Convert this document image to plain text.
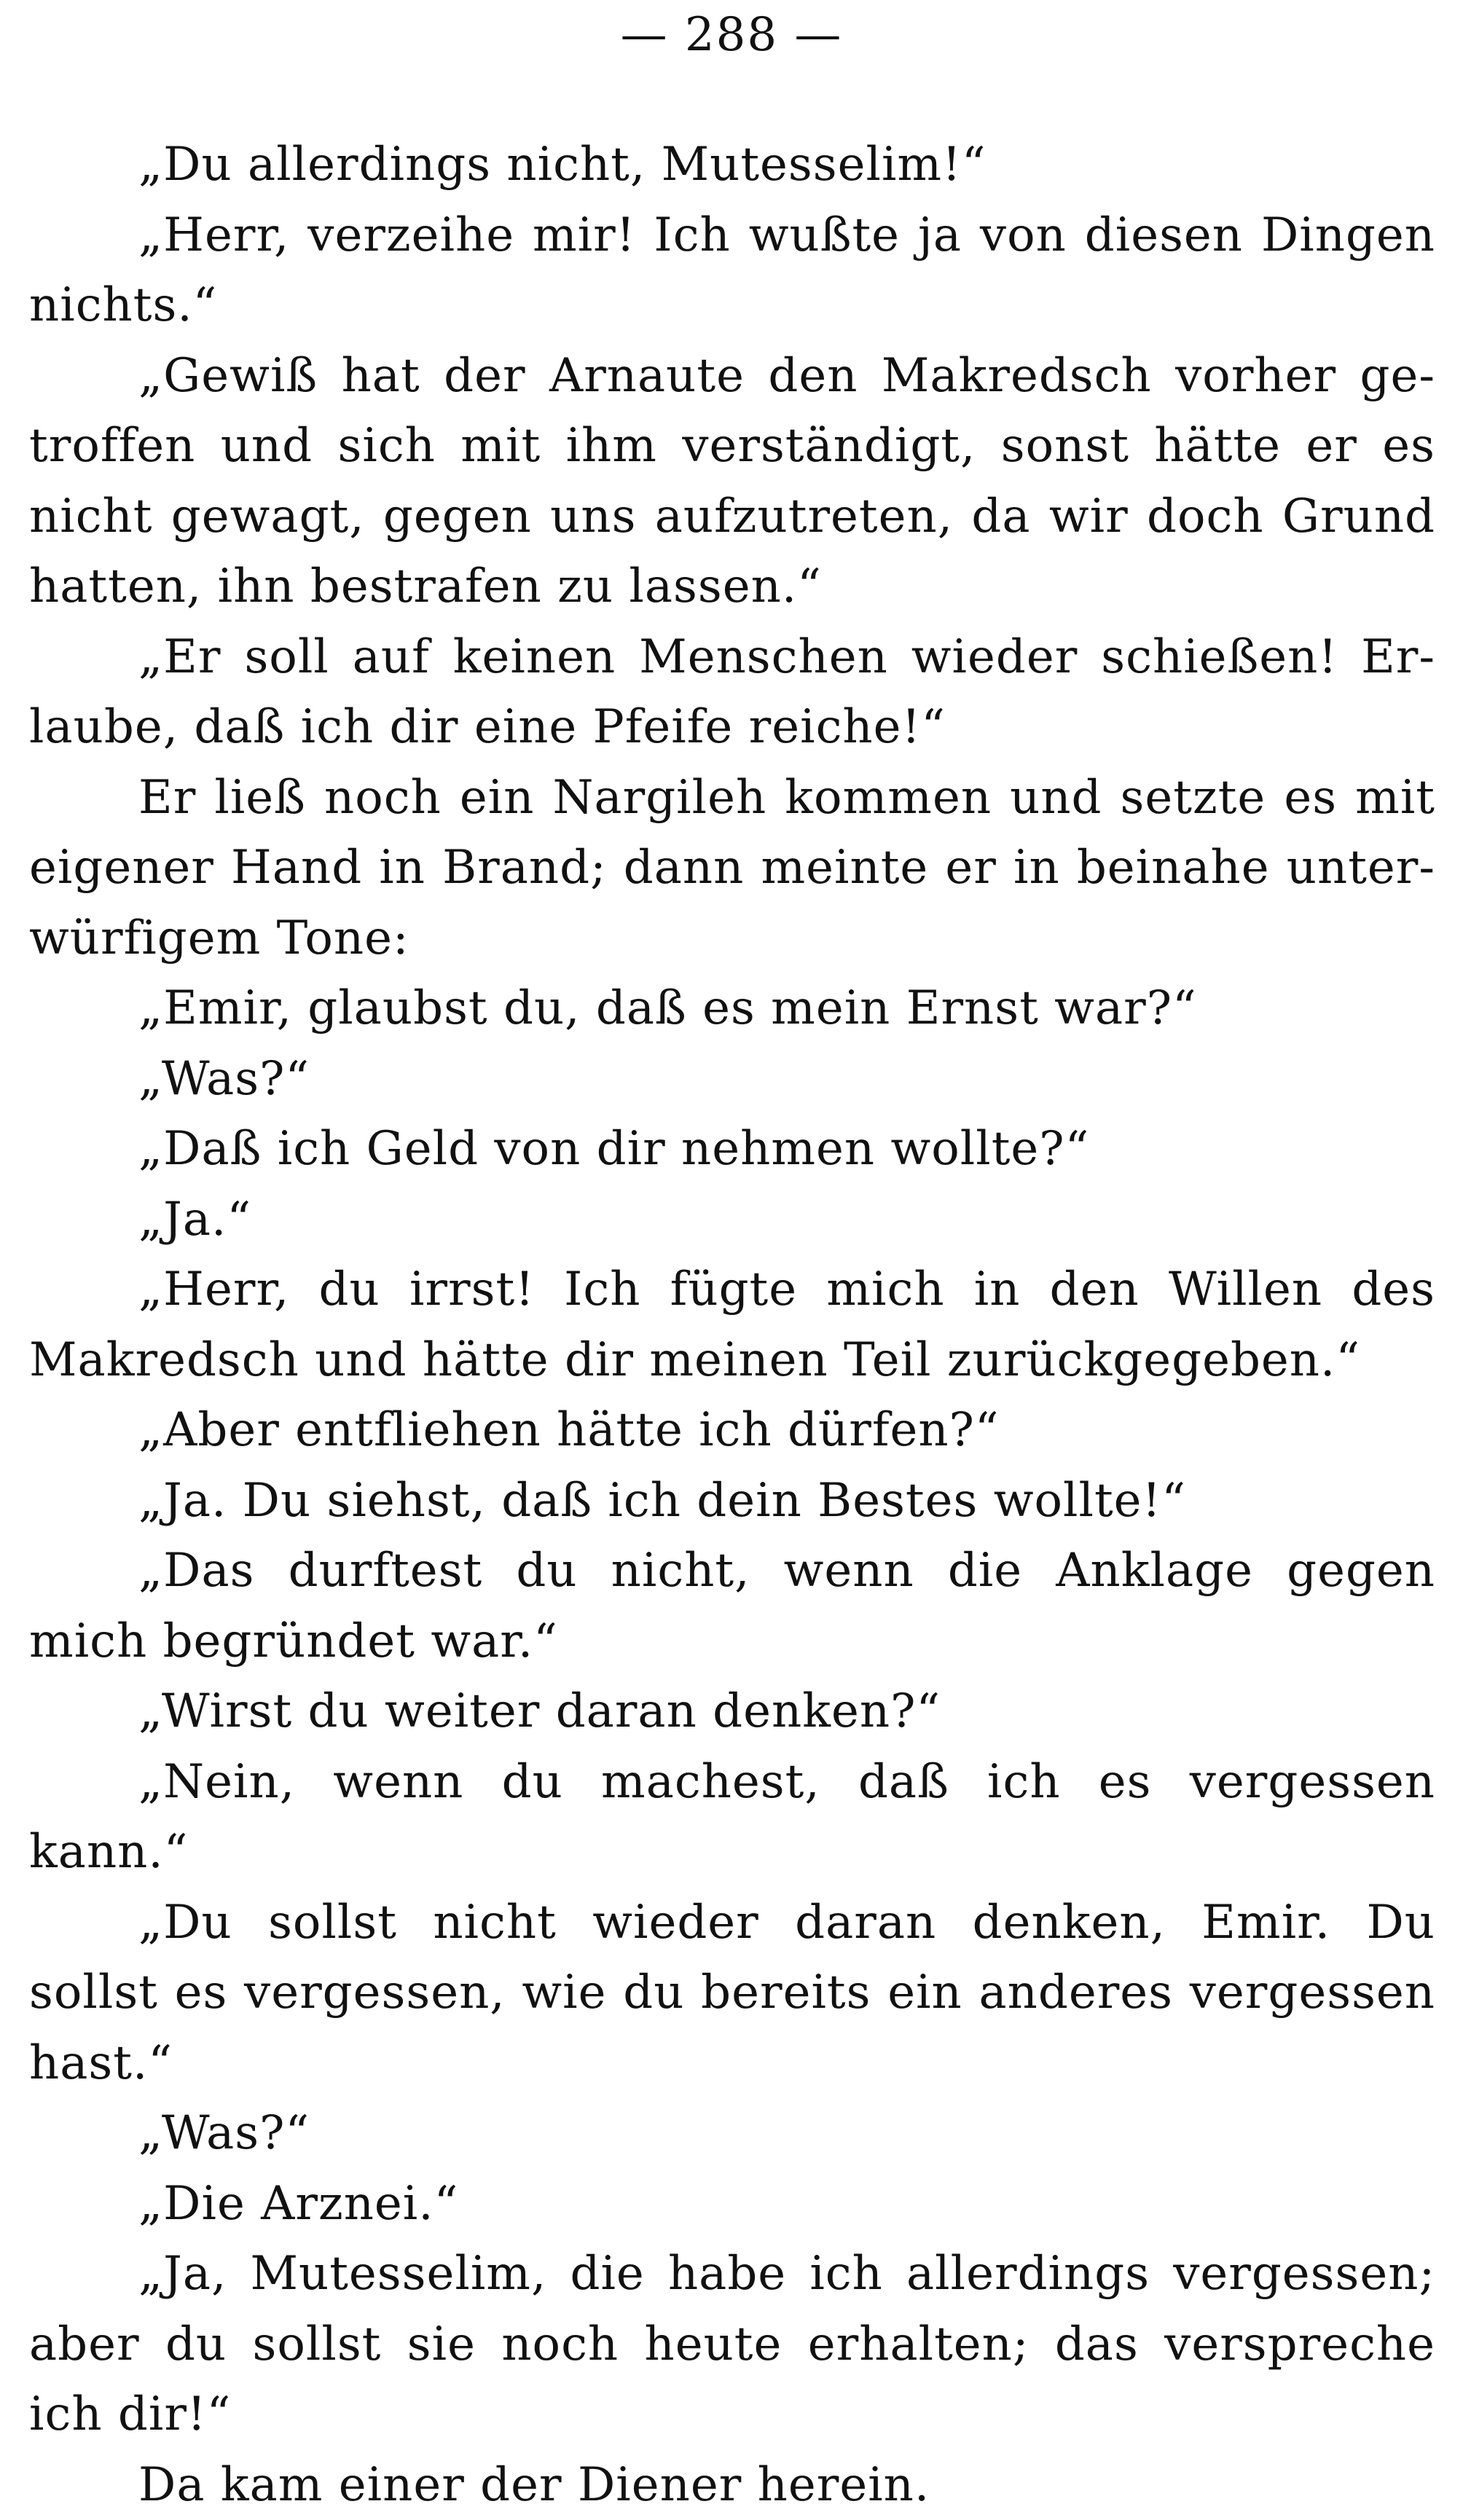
— 288 —

„Du allerdings nicht, Mutesselim!“

„Herr, verzeihe mir! Ich wußte ja von diesen Dingen nichts.“

„Gewiß hat der Arnaute den Makredsch vorher ge-troffen und sich mit ihm verständigt, sonst hätte er es nicht gewagt, gegen uns aufzutreten, da wir doch Grund hatten, ihn bestrafen zu lassen.“

„Er soll auf keinen Menschen wieder schießen! Er-laube, daß ich dir eine Pfeife reiche!“

Er ließ noch ein Nargileh kommen und setzte es mit eigener Hand in Brand; dann meinte er in beinahe unter-würfigem Tone:

„Emir, glaubst du, daß es mein Ernst war?“

„Was?“

„Daß ich Geld von dir nehmen wollte?“

„Ja.“

„Herr, du irrst! Ich fügte mich in den Willen des Makredsch und hätte dir meinen Teil zurückgegeben.“

„Aber entfliehen hätte ich dürfen?“

„Ja. Du siehst, daß ich dein Bestes wollte!“

„Das durftest du nicht, wenn die Anklage gegen mich begründet war.“

„Wirst du weiter daran denken?“

„Nein, wenn du machest, daß ich es vergessen kann.“

„Du sollst nicht wieder daran denken, Emir. Du sollst es vergessen, wie du bereits ein anderes vergessen hast.“

„Was?“

„Die Arznei.“

„Ja, Mutesselim, die habe ich allerdings vergessen; aber du sollst sie noch heute erhalten; das verspreche ich dir!“

Da kam einer der Diener herein.
